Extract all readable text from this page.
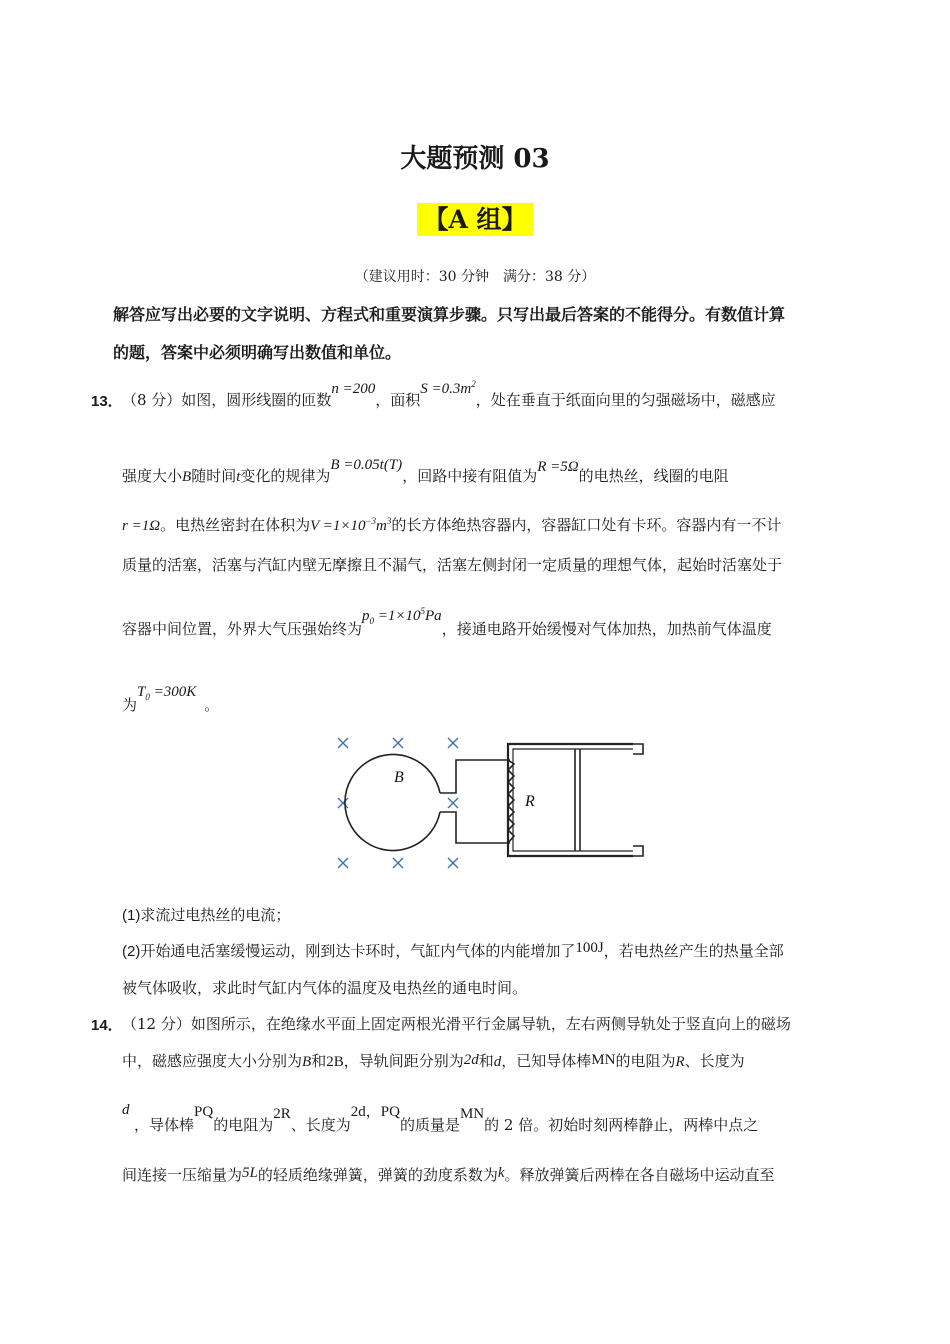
大题预测 03
【A 组】
（建议用时：30 分钟　满分：38 分）
解答应写出必要的文字说明、方程式和重要演算步骤。只写出最后答案的不能得分。有数值计算
的题，答案中必须明确写出数值和单位。
13． （8 分）如图，圆形线圈的匝数n =200，面积$S =0.3m^2$，处在垂直于纸面向里的匀强磁场中，磁感应
强度大小B随时间t变化的规律为B =0.05t(T)，回路中接有阻值为R =5Ω的电热丝，线圈的电阻
r =1Ω。电热丝密封在体积为$V =1\times 10^{-3}m^3$的长方体绝热容器内，容器缸口处有卡环。容器内有一不计
质量的活塞，活塞与汽缸内壁无摩擦且不漏气，活塞左侧封闭一定质量的理想气体，起始时活塞处于
容器中间位置，外界大气压强始终为$p_0 =1\times 10^5Pa$，接通电路开始缓慢对气体加热，加热前气体温度
为$T_0 =300K$。
B
R
(1)求流过电热丝的电流；
(2)开始通电活塞缓慢运动，刚到达卡环时，气缸内气体的内能增加了100J，若电热丝产生的热量全部
被气体吸收，求此时气缸内气体的温度及电热丝的通电时间。
14． （12 分）如图所示，在绝缘水平面上固定两根光滑平行金属导轨，左右两侧导轨处于竖直向上的磁场
中，磁感应强度大小分别为B和2B，导轨间距分别为2d和d，已知导体棒MN的电阻为R、长度为
d
，导体棒PQ的电阻为2R、长度为2d，PQ的质量是MN的 2 倍。初始时刻两棒静止，两棒中点之
间连接一压缩量为5L的轻质绝缘弹簧，弹簧的劲度系数为k。释放弹簧后两棒在各自磁场中运动直至
